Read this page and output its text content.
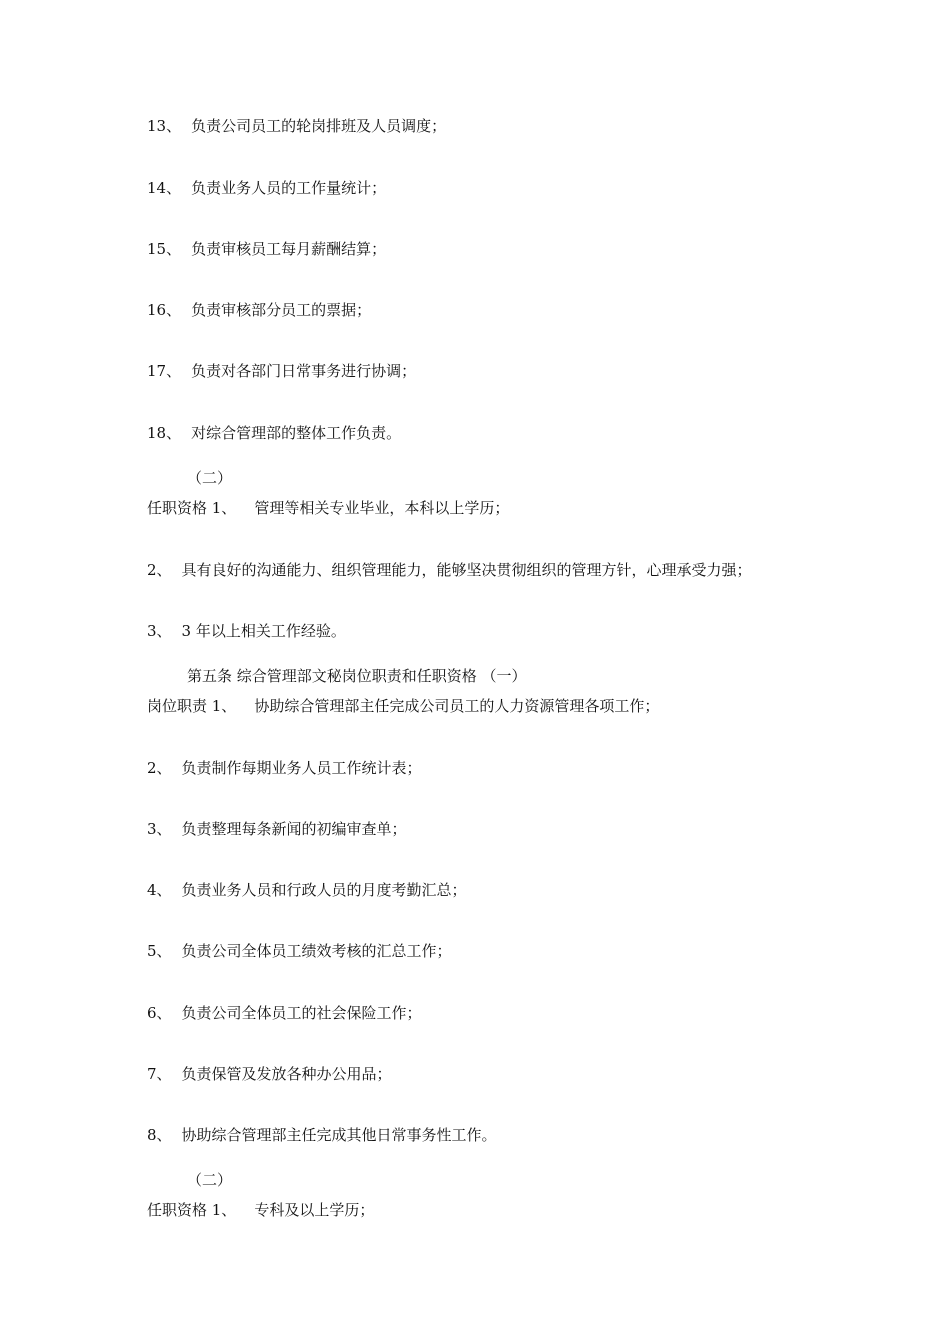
13、 负责公司员工的轮岗排班及人员调度；
14、 负责业务人员的工作量统计；
15、 负责审核员工每月薪酬结算；
16、 负责审核部分员工的票据；
17、 负责对各部门日常事务进行协调；
18、 对综合管理部的整体工作负责。
（二）
任职资格 1、 管理等相关专业毕业，本科以上学历；
2、 具有良好的沟通能力、组织管理能力，能够坚决贯彻组织的管理方针，心理承受力强；
3、 3 年以上相关工作经验。
第五条 综合管理部文秘岗位职责和任职资格 （一）
岗位职责 1、 协助综合管理部主任完成公司员工的人力资源管理各项工作；
2、 负责制作每期业务人员工作统计表；
3、 负责整理每条新闻的初编审查单；
4、 负责业务人员和行政人员的月度考勤汇总；
5、 负责公司全体员工绩效考核的汇总工作；
6、 负责公司全体员工的社会保险工作；
7、 负责保管及发放各种办公用品；
8、 协助综合管理部主任完成其他日常事务性工作。
（二）
任职资格 1、 专科及以上学历；
